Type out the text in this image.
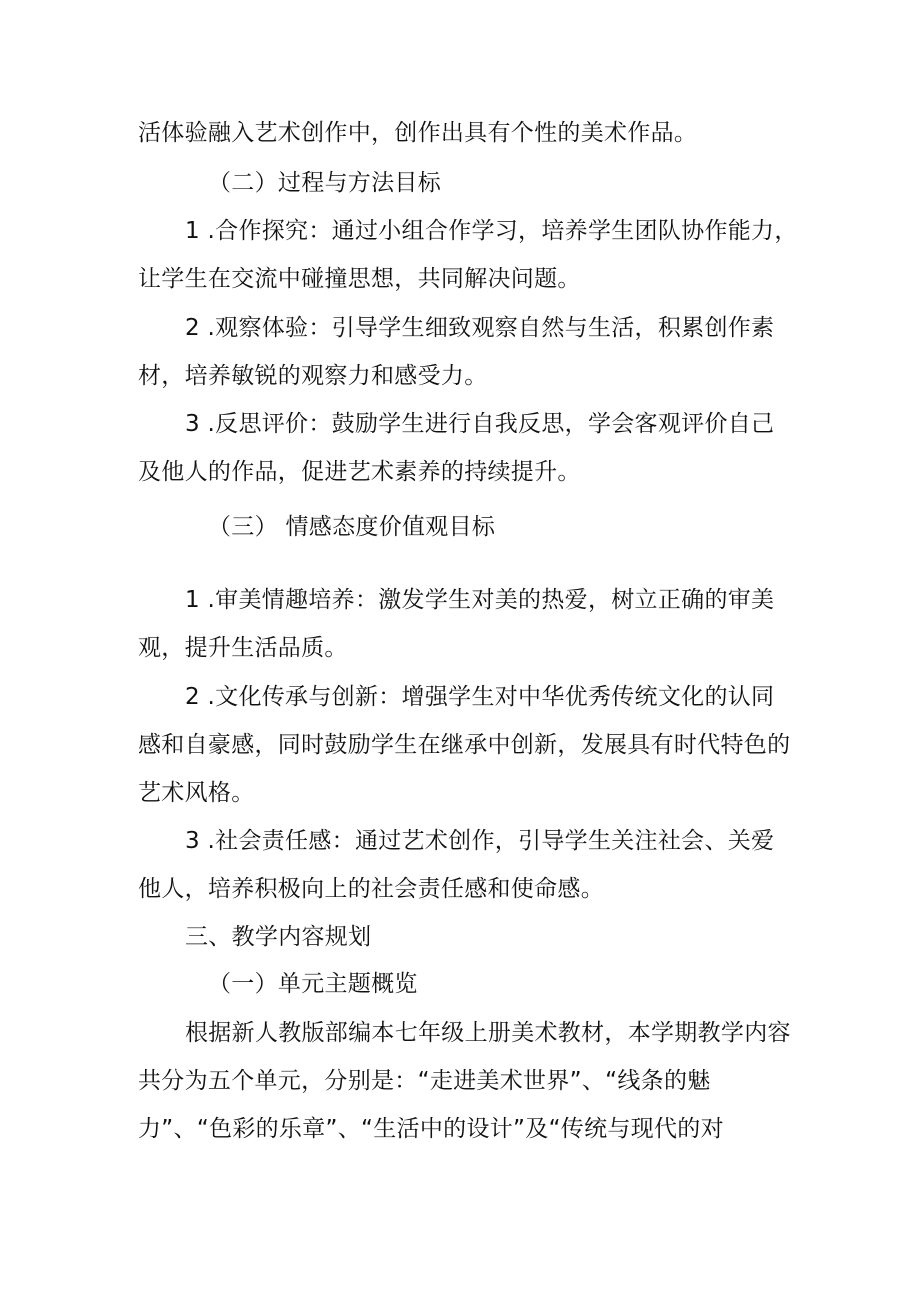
活体验融入艺术创作中，创作出具有个性的美术作品。
（二）过程与方法目标
1 .合作探究：通过小组合作学习，培养学生团队协作能力，
让学生在交流中碰撞思想，共同解决问题。
2 .观察体验：引导学生细致观察自然与生活，积累创作素
材，培养敏锐的观察力和感受力。
3 .反思评价：鼓励学生进行自我反思，学会客观评价自己
及他人的作品，促进艺术素养的持续提升。
（三） 情感态度价值观目标
1 .审美情趣培养：激发学生对美的热爱，树立正确的审美
观，提升生活品质。
2 .文化传承与创新：增强学生对中华优秀传统文化的认同
感和自豪感，同时鼓励学生在继承中创新，发展具有时代特色的
艺术风格。
3 .社会责任感：通过艺术创作，引导学生关注社会、关爱
他人，培养积极向上的社会责任感和使命感。
三、教学内容规划
（一）单元主题概览
根据新人教版部编本七年级上册美术教材，本学期教学内容
共分为五个单元，分别是：“走进美术世界”、“线条的魅
力”、“色彩的乐章”、“生活中的设计”及“传统与现代的对
